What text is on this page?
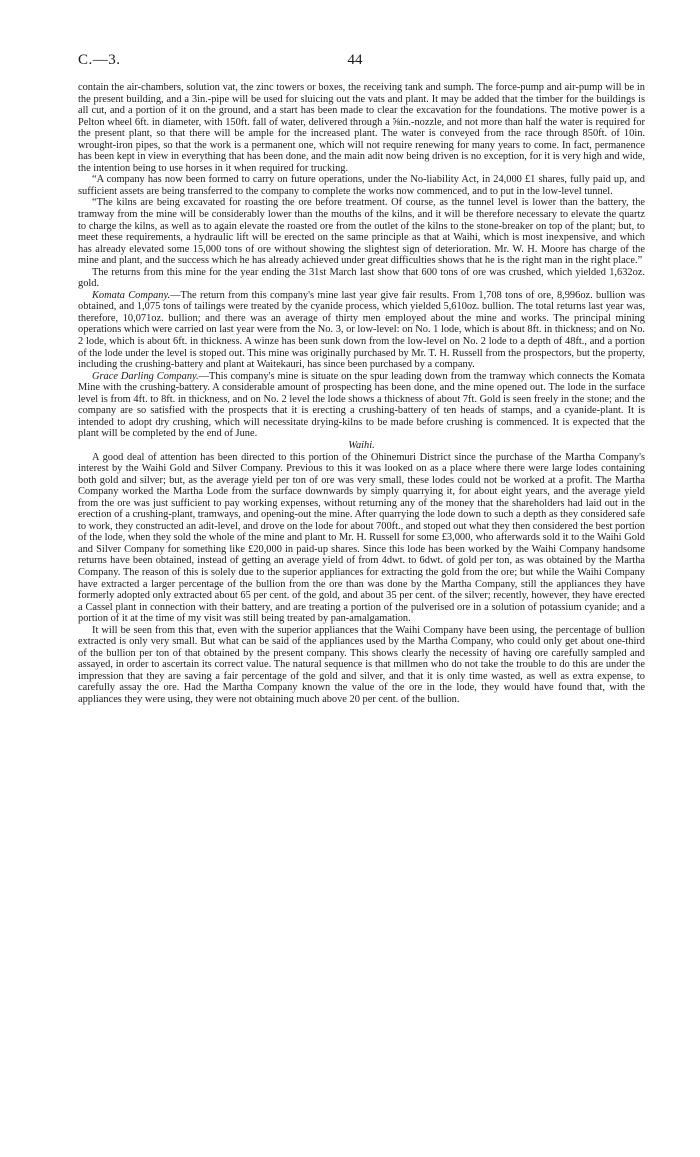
C.—3.	44

contain the air-chambers, solution vat, the zinc towers or boxes, the receiving tank and sumph. The force-pump and air-pump will be in the present building, and a 3in.-pipe will be used for sluicing out the vats and plant. It may be added that the timber for the buildings is all cut, and a portion of it on the ground, and a start has been made to clear the excavation for the foundations. The motive power is a Pelton wheel 6ft. in diameter, with 150ft. fall of water, delivered through a ⅝in.-nozzle, and not more than half the water is required for the present plant, so that there will be ample for the increased plant. The water is conveyed from the race through 850ft. of 10in. wrought-iron pipes, so that the work is a permanent one, which will not require renewing for many years to come. In fact, permanence has been kept in view in everything that has been done, and the main adit now being driven is no exception, for it is very high and wide, the intention being to use horses in it when required for trucking.

“A company has now been formed to carry on future operations, under the No-liability Act, in 24,000 £1 shares, fully paid up, and sufficient assets are being transferred to the company to complete the works now commenced, and to put in the low-level tunnel.

“The kilns are being excavated for roasting the ore before treatment. Of course, as the tunnel level is lower than the battery, the tramway from the mine will be considerably lower than the mouths of the kilns, and it will be therefore necessary to elevate the quartz to charge the kilns, as well as to again elevate the roasted ore from the outlet of the kilns to the stone-breaker on top of the plant; but, to meet these requirements, a hydraulic lift will be erected on the same principle as that at Waihi, which is most inexpensive, and which has already elevated some 15,000 tons of ore without showing the slightest sign of deterioration. Mr. W. H. Moore has charge of the mine and plant, and the success which he has already achieved under great difficulties shows that he is the right man in the right place.”

The returns from this mine for the year ending the 31st March last show that 600 tons of ore was crushed, which yielded 1,632oz. gold.

Komata Company.—The return from this company's mine last year give fair results. From 1,708 tons of ore, 8,996oz. bullion was obtained, and 1,075 tons of tailings were treated by the cyanide process, which yielded 5,610oz. bullion. The total returns last year was, therefore, 10,071oz. bullion; and there was an average of thirty men employed about the mine and works. The principal mining operations which were carried on last year were from the No. 3, or low-level: on No. 1 lode, which is about 8ft. in thickness; and on No. 2 lode, which is about 6ft. in thickness. A winze has been sunk down from the low-level on No. 2 lode to a depth of 48ft., and a portion of the lode under the level is stoped out. This mine was originally purchased by Mr. T. H. Russell from the prospectors, but the property, including the crushing-battery and plant at Waitekauri, has since been purchased by a company.

Grace Darling Company.—This company's mine is situate on the spur leading down from the tramway which connects the Komata Mine with the crushing-battery. A considerable amount of prospecting has been done, and the mine opened out. The lode in the surface level is from 4ft. to 8ft. in thickness, and on No. 2 level the lode shows a thickness of about 7ft. Gold is seen freely in the stone; and the company are so satisfied with the prospects that it is erecting a crushing-battery of ten heads of stamps, and a cyanide-plant. It is intended to adopt dry crushing, which will necessitate drying-kilns to be made before crushing is commenced. It is expected that the plant will be completed by the end of June.

Waihi.

A good deal of attention has been directed to this portion of the Ohinemuri District since the purchase of the Martha Company's interest by the Waihi Gold and Silver Company. Previous to this it was looked on as a place where there were large lodes containing both gold and silver; but, as the average yield per ton of ore was very small, these lodes could not be worked at a profit. The Martha Company worked the Martha Lode from the surface downwards by simply quarrying it, for about eight years, and the average yield from the ore was just sufficient to pay working expenses, without returning any of the money that the shareholders had laid out in the erection of a crushing-plant, tramways, and opening-out the mine. After quarrying the lode down to such a depth as they considered safe to work, they constructed an adit-level, and drove on the lode for about 700ft., and stoped out what they then considered the best portion of the lode, when they sold the whole of the mine and plant to Mr. H. Russell for some £3,000, who afterwards sold it to the Waihi Gold and Silver Company for something like £20,000 in paid-up shares. Since this lode has been worked by the Waihi Company handsome returns have been obtained, instead of getting an average yield of from 4dwt. to 6dwt. of gold per ton, as was obtained by the Martha Company. The reason of this is solely due to the superior appliances for extracting the gold from the ore; but while the Waihi Company have extracted a larger percentage of the bullion from the ore than was done by the Martha Company, still the appliances they have formerly adopted only extracted about 65 per cent. of the gold, and about 35 per cent. of the silver; recently, however, they have erected a Cassel plant in connection with their battery, and are treating a portion of the pulverised ore in a solution of potassium cyanide; and a portion of it at the time of my visit was still being treated by pan-amalgamation.

It will be seen from this that, even with the superior appliances that the Waihi Company have been using, the percentage of bullion extracted is only very small. But what can be said of the appliances used by the Martha Company, who could only get about one-third of the bullion per ton of that obtained by the present company. This shows clearly the necessity of having ore carefully sampled and assayed, in order to ascertain its correct value. The natural sequence is that millmen who do not take the trouble to do this are under the impression that they are saving a fair percentage of the gold and silver, and that it is only time wasted, as well as extra expense, to carefully assay the ore. Had the Martha Company known the value of the ore in the lode, they would have found that, with the appliances they were using, they were not obtaining much above 20 per cent. of the bullion.
